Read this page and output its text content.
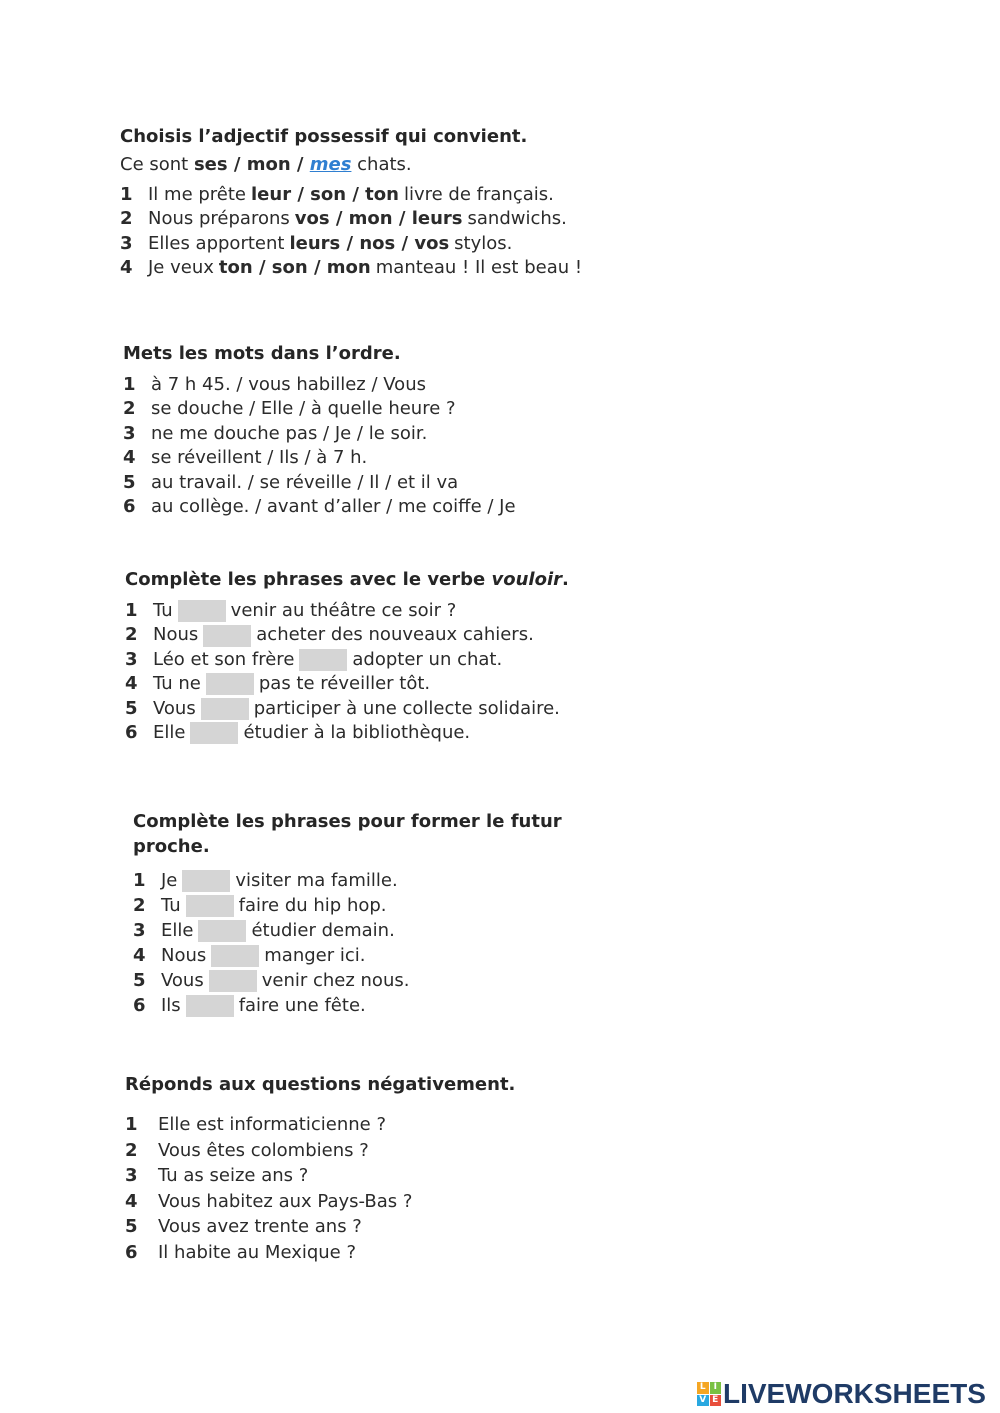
Choisis l’adjectif possessif qui convient.

Ce sont ses / mon / mes chats.
1 Il me prête leur / son / ton livre de français.
2 Nous préparons vos / mon / leurs sandwichs.
3 Elles apportent leurs / nos / vos stylos.
4 Je veux ton / son / mon manteau ! Il est beau !

Mets les mots dans l’ordre.

1 à 7 h 45. / vous habillez / Vous
2 se douche / Elle / à quelle heure ?
3 ne me douche pas / Je / le soir.
4 se réveillent / Ils / à 7 h.
5 au travail. / se réveille / Il / et il va
6 au collège. / avant d’aller / me coiffe / Je

Complète les phrases avec le verbe vouloir.

1 Tu	venir au théâtre ce soir ?
2 Nous	acheter des nouveaux cahiers.
3 Léo et son frère	adopter un chat.
4 Tu ne	pas te réveiller tôt.
5 Vous	participer à une collecte solidaire.
6 Elle	étudier à la bibliothèque.

Complète les phrases pour former le futur
proche.

1 Je	visiter ma famille.
2 Tu	faire du hip hop.
3 Elle	étudier demain.
4 Nous	manger ici.
5 Vous	venir chez nous.
6 Ils	faire une fête.

Réponds aux questions négativement.

1	Elle est informaticienne ?
2	Vous êtes colombiens ?
3	Tu as seize ans ?
4	Vous habitez aux Pays-Bas ?
5	Vous avez trente ans ?
6	Il habite au Mexique ?
L I
V E LIVEWORKSHEETS
